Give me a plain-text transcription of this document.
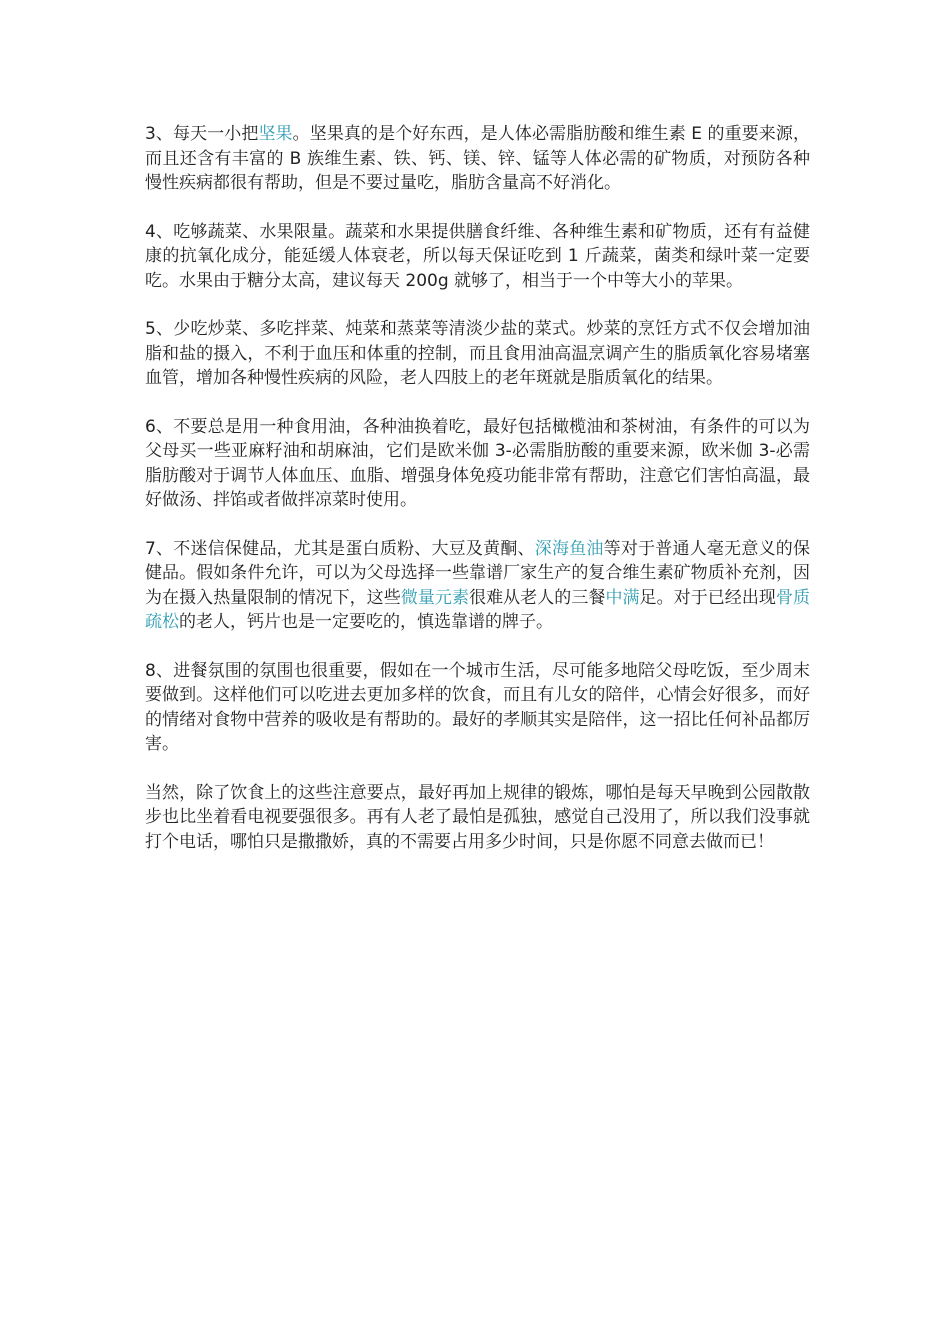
3、每天一小把坚果。坚果真的是个好东西，是人体必需脂肪酸和维生素 E 的重要来源，而且还含有丰富的 B 族维生素、铁、钙、镁、锌、锰等人体必需的矿物质，对预防各种慢性疾病都很有帮助，但是不要过量吃，脂肪含量高不好消化。

4、吃够蔬菜、水果限量。蔬菜和水果提供膳食纤维、各种维生素和矿物质，还有有益健康的抗氧化成分，能延缓人体衰老，所以每天保证吃到 1 斤蔬菜，菌类和绿叶菜一定要吃。水果由于糖分太高，建议每天 200g 就够了，相当于一个中等大小的苹果。

5、少吃炒菜、多吃拌菜、炖菜和蒸菜等清淡少盐的菜式。炒菜的烹饪方式不仅会增加油脂和盐的摄入，不利于血压和体重的控制，而且食用油高温烹调产生的脂质氧化容易堵塞血管，增加各种慢性疾病的风险，老人四肢上的老年斑就是脂质氧化的结果。

6、不要总是用一种食用油，各种油换着吃，最好包括橄榄油和茶树油，有条件的可以为父母买一些亚麻籽油和胡麻油，它们是欧米伽 3-必需脂肪酸的重要来源，欧米伽 3-必需脂肪酸对于调节人体血压、血脂、增强身体免疫功能非常有帮助，注意它们害怕高温，最好做汤、拌馅或者做拌凉菜时使用。

7、不迷信保健品，尤其是蛋白质粉、大豆及黄酮、深海鱼油等对于普通人毫无意义的保健品。假如条件允许，可以为父母选择一些靠谱厂家生产的复合维生素矿物质补充剂，因为在摄入热量限制的情况下，这些微量元素很难从老人的三餐中满足。对于已经出现骨质疏松的老人，钙片也是一定要吃的，慎选靠谱的牌子。

8、进餐氛围的氛围也很重要，假如在一个城市生活，尽可能多地陪父母吃饭，至少周末要做到。这样他们可以吃进去更加多样的饮食，而且有儿女的陪伴，心情会好很多，而好的情绪对食物中营养的吸收是有帮助的。最好的孝顺其实是陪伴，这一招比任何补品都厉害。

当然，除了饮食上的这些注意要点，最好再加上规律的锻炼，哪怕是每天早晚到公园散散步也比坐着看电视要强很多。再有人老了最怕是孤独，感觉自己没用了，所以我们没事就打个电话，哪怕只是撒撒娇，真的不需要占用多少时间，只是你愿不同意去做而已！
